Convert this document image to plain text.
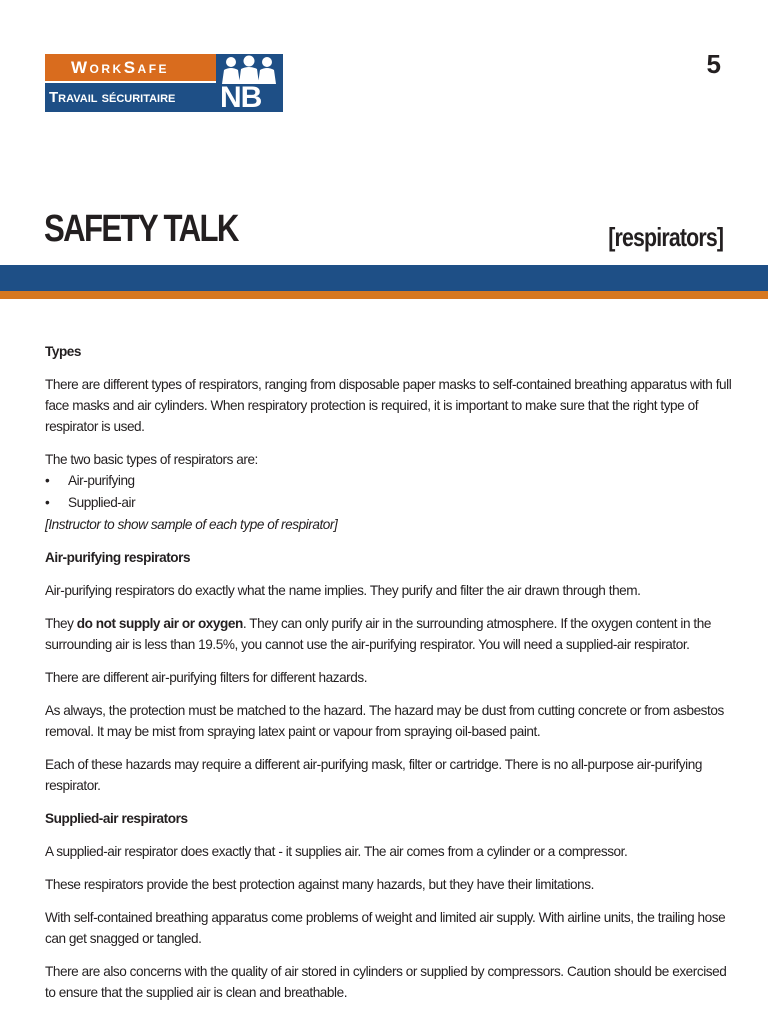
WorkSafe
Travail sécuritaire	NB
5
SAFETY TALK	[respirators]
Types

There are different types of respirators, ranging from disposable paper masks to self-contained breathing apparatus with full face masks and air cylinders. When respiratory protection is required, it is important to make sure that the right type of respirator is used.

The two basic types of respirators are:

• Air-purifying
• Supplied-air

[Instructor to show sample of each type of respirator]

Air-purifying respirators

Air-purifying respirators do exactly what the name implies. They purify and filter the air drawn through them.

They do not supply air or oxygen. They can only purify air in the surrounding atmosphere. If the oxygen content in the surrounding air is less than 19.5%, you cannot use the air-purifying respirator. You will need a supplied-air respirator.

There are different air-purifying filters for different hazards.

As always, the protection must be matched to the hazard. The hazard may be dust from cutting concrete or from asbestos removal. It may be mist from spraying latex paint or vapour from spraying oil-based paint.

Each of these hazards may require a different air-purifying mask, filter or cartridge. There is no all-purpose air-purifying respirator.

Supplied-air respirators

A supplied-air respirator does exactly that - it supplies air. The air comes from a cylinder or a compressor.

These respirators provide the best protection against many hazards, but they have their limitations.

With self-contained breathing apparatus come problems of weight and limited air supply. With airline units, the trailing hose can get snagged or tangled.

There are also concerns with the quality of air stored in cylinders or supplied by compressors. Caution should be exercised to ensure that the supplied air is clean and breathable.
